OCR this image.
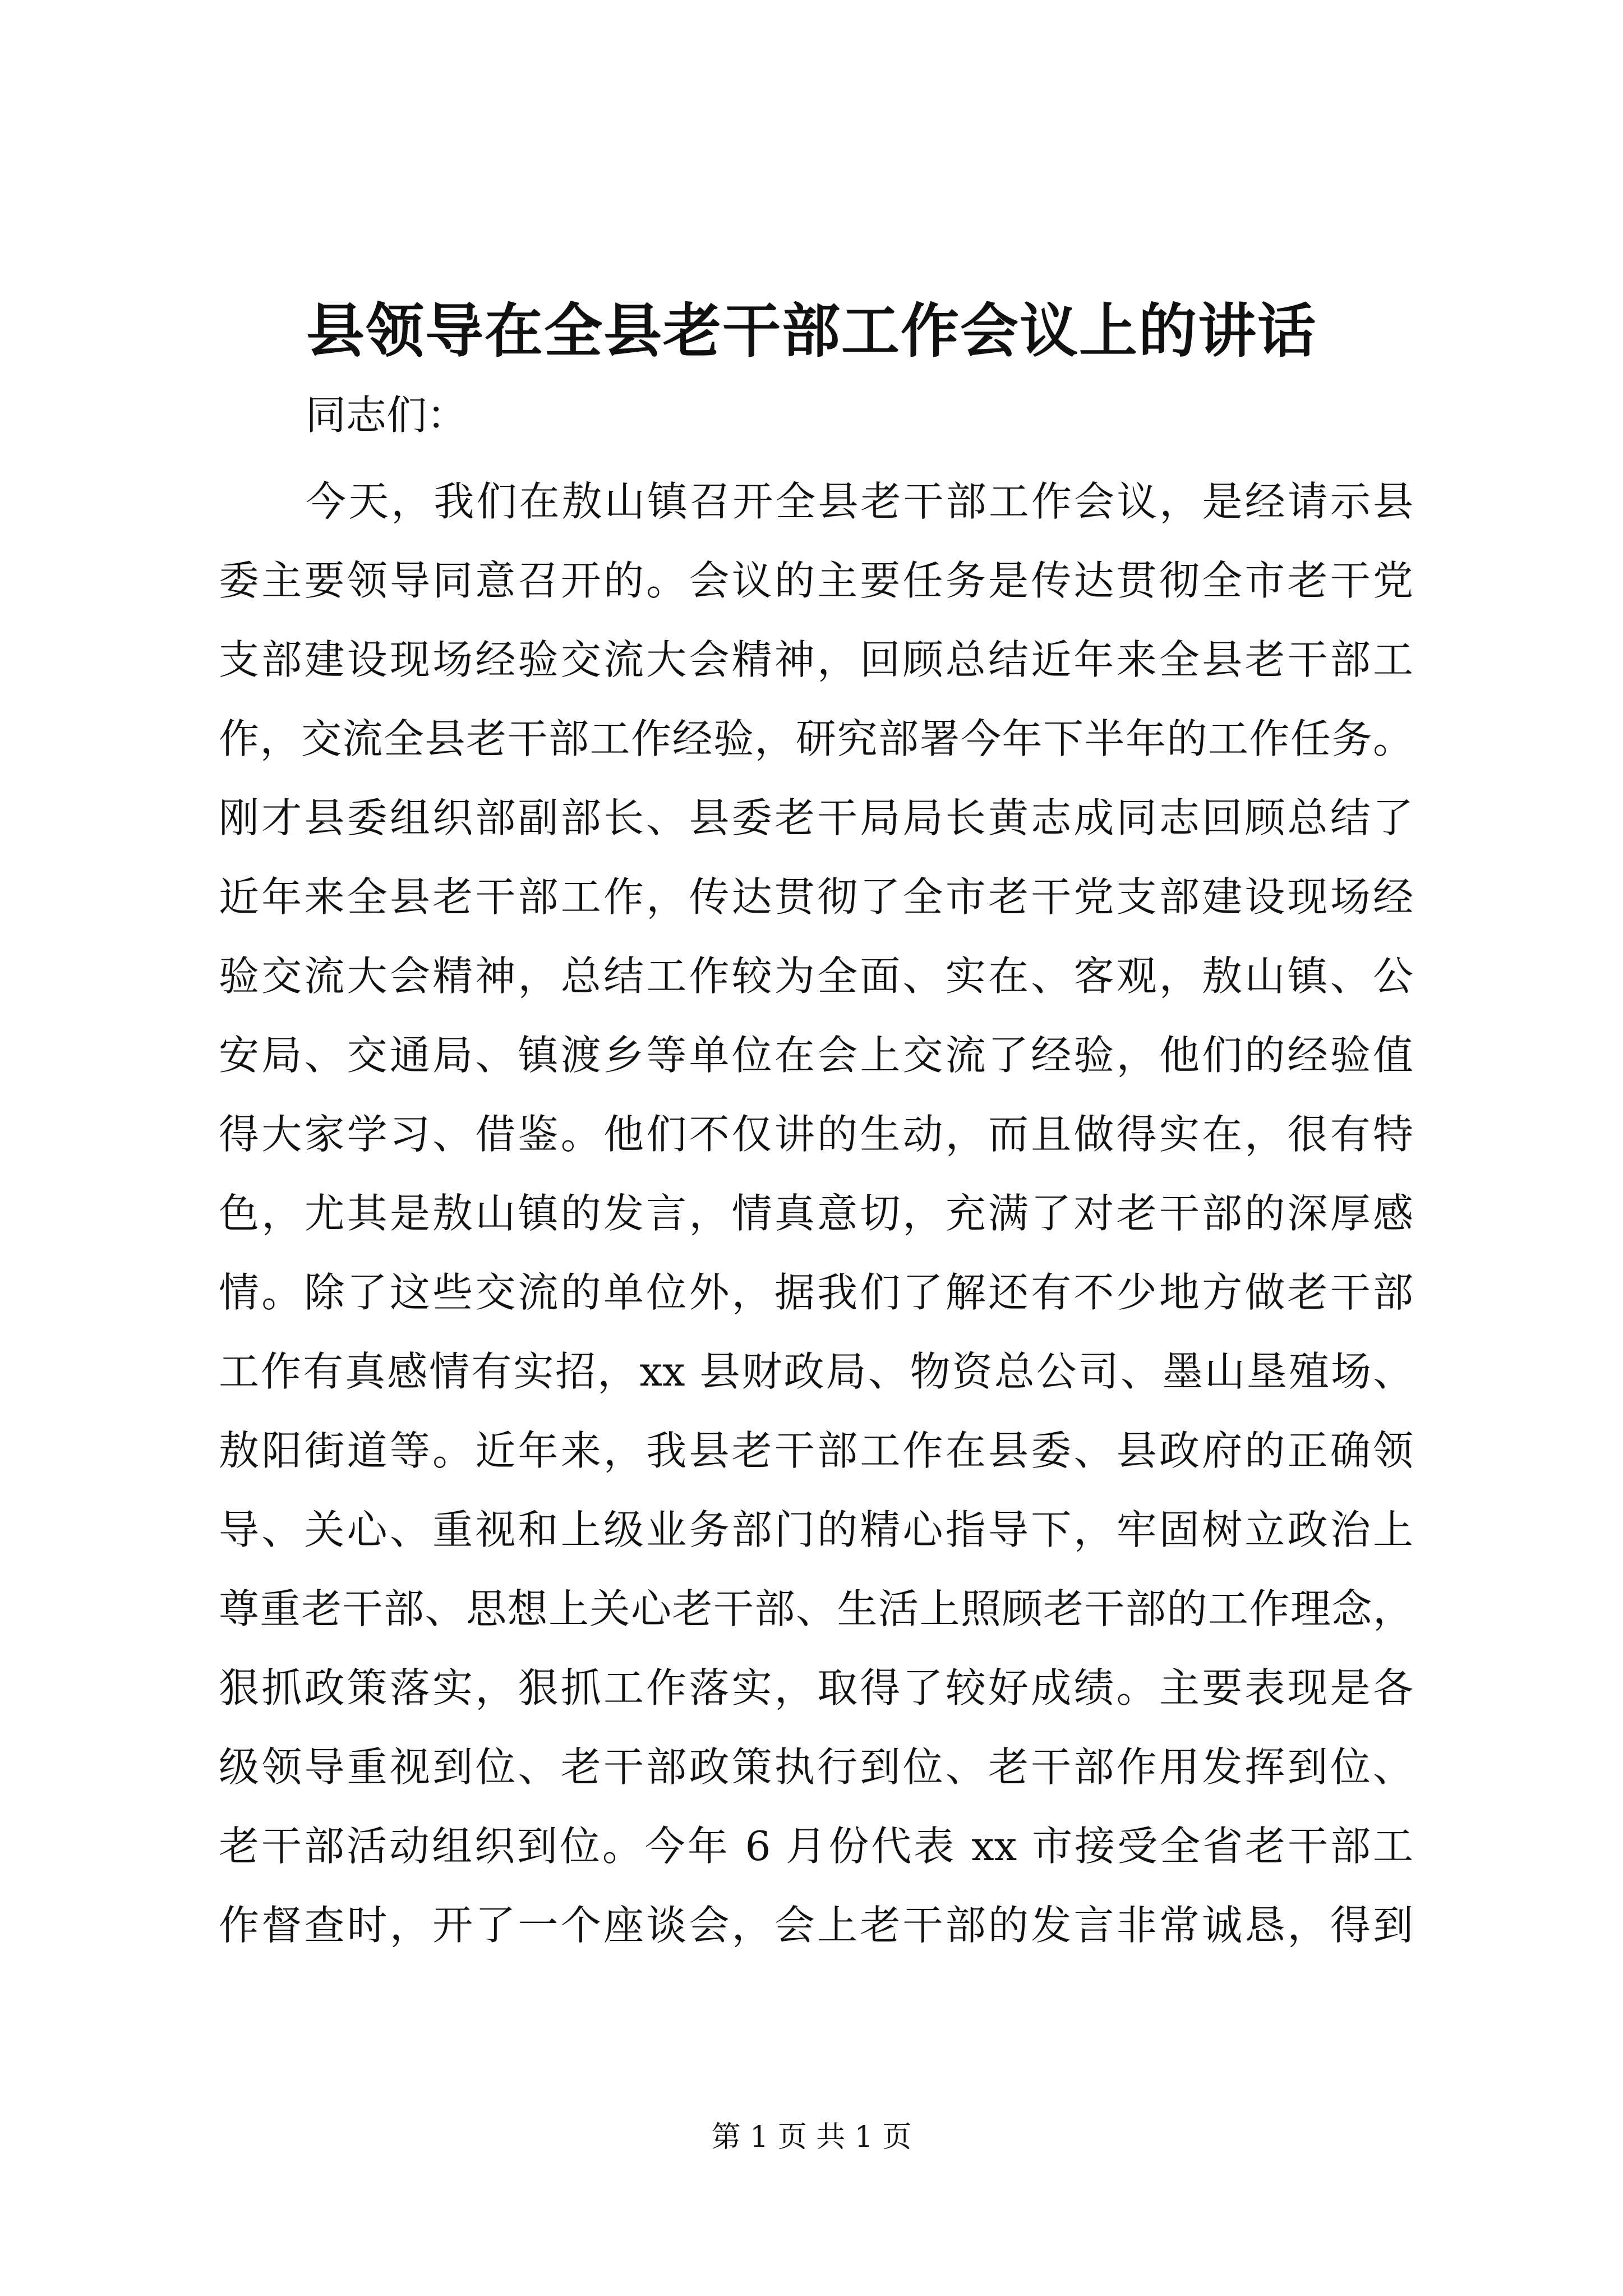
县领导在全县老干部工作会议上的讲话

同志们：

今天，我们在敖山镇召开全县老干部工作会议，是经请示县
委主要领导同意召开的。会议的主要任务是传达贯彻全市老干党
支部建设现场经验交流大会精神，回顾总结近年来全县老干部工
作，交流全县老干部工作经验，研究部署今年下半年的工作任务。
刚才县委组织部副部长、县委老干局局长黄志成同志回顾总结了
近年来全县老干部工作，传达贯彻了全市老干党支部建设现场经
验交流大会精神，总结工作较为全面、实在、客观，敖山镇、公
安局、交通局、镇渡乡等单位在会上交流了经验，他们的经验值
得大家学习、借鉴。他们不仅讲的生动，而且做得实在，很有特
色，尤其是敖山镇的发言，情真意切，充满了对老干部的深厚感
情。除了这些交流的单位外，据我们了解还有不少地方做老干部
工作有真感情有实招，xx 县财政局、物资总公司、墨山垦殖场、
敖阳街道等。近年来，我县老干部工作在县委、县政府的正确领
导、关心、重视和上级业务部门的精心指导下，牢固树立政治上
尊重老干部、思想上关心老干部、生活上照顾老干部的工作理念，
狠抓政策落实，狠抓工作落实，取得了较好成绩。主要表现是各
级领导重视到位、老干部政策执行到位、老干部作用发挥到位、
老干部活动组织到位。今年 6 月份代表 xx 市接受全省老干部工
作督查时，开了一个座谈会，会上老干部的发言非常诚恳，得到

第 1 页 共 1 页
